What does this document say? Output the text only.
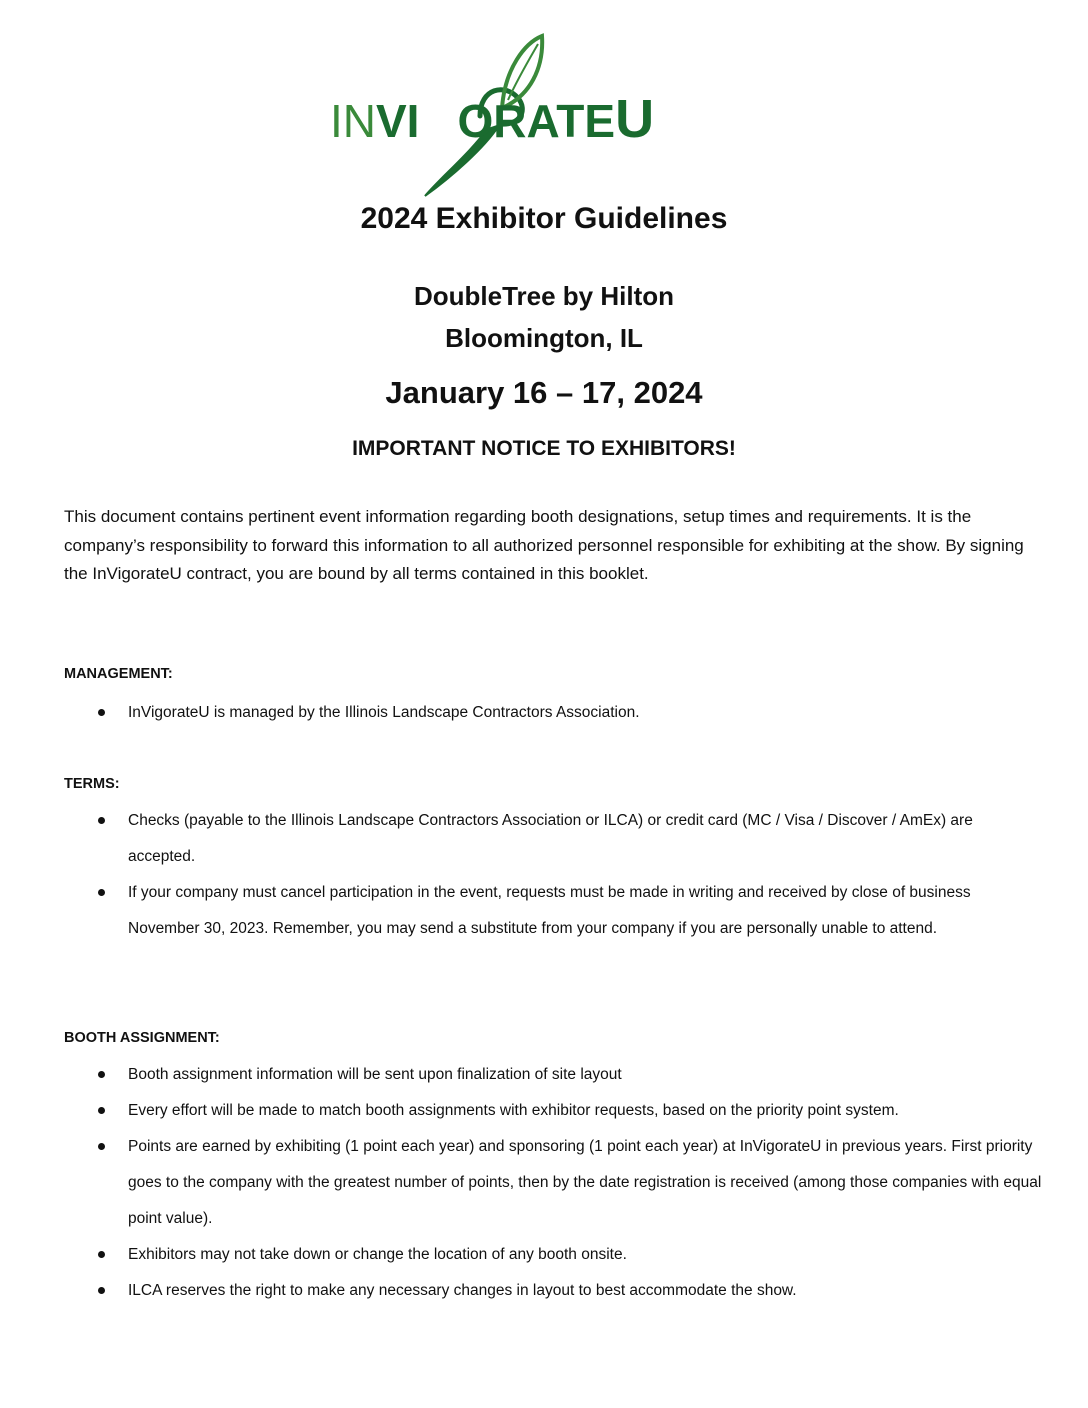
INVI ORATEU
2024 Exhibitor Guidelines
DoubleTree by Hilton
Bloomington, IL
January 16 – 17, 2024
IMPORTANT NOTICE TO EXHIBITORS!

This document contains pertinent event information regarding booth designations, setup times and requirements. It is the company’s responsibility to forward this information to all authorized personnel responsible for exhibiting at the show. By signing the InVigorateU contract, you are bound by all terms contained in this booklet.

MANAGEMENT:
InVigorateU is managed by the Illinois Landscape Contractors Association.
TERMS:
Checks (payable to the Illinois Landscape Contractors Association or ILCA) or credit card (MC / Visa / Discover / AmEx) are accepted.
If your company must cancel participation in the event, requests must be made in writing and received by close of business November 30, 2023. Remember, you may send a substitute from your company if you are personally unable to attend.
BOOTH ASSIGNMENT:
Booth assignment information will be sent upon finalization of site layout
Every effort will be made to match booth assignments with exhibitor requests, based on the priority point system.
Points are earned by exhibiting (1 point each year) and sponsoring (1 point each year) at InVigorateU in previous years. First priority goes to the company with the greatest number of points, then by the date registration is received (among those companies with equal point value).
Exhibitors may not take down or change the location of any booth onsite.
ILCA reserves the right to make any necessary changes in layout to best accommodate the show.
